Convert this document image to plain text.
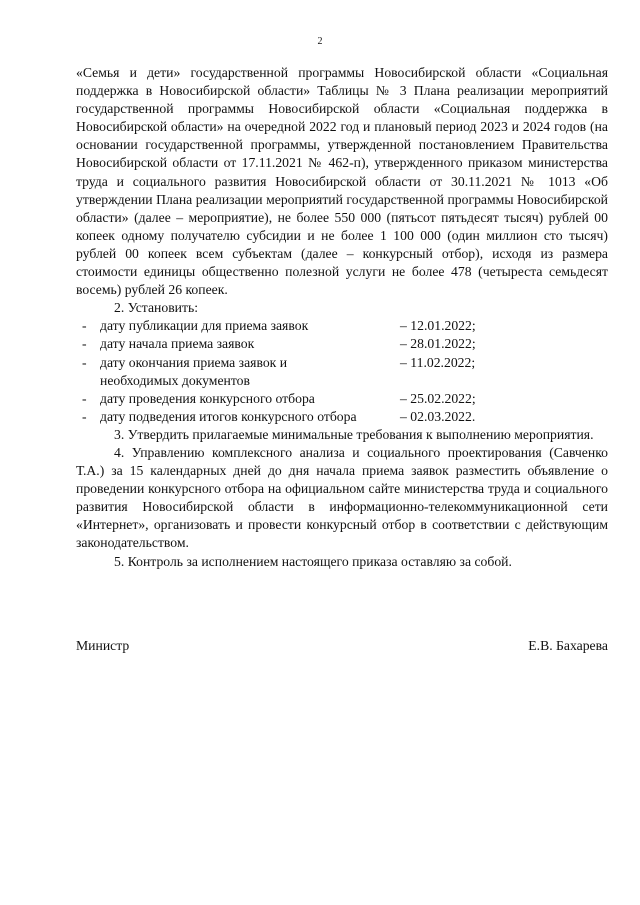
2

«Семья и дети» государственной программы Новосибирской области «Социальная поддержка в Новосибирской области» Таблицы № 3 Плана реализации мероприятий государственной программы Новосибирской области «Социальная поддержка в Новосибирской области» на очередной 2022 год и плановый период 2023 и 2024 годов (на основании государственной программы, утвержденной постановлением Правительства Новосибирской области от 17.11.2021 № 462-п), утвержденного приказом министерства труда и социального развития Новосибирской области от 30.11.2021 № 1013 «Об утверждении Плана реализации мероприятий государственной программы Новосибирской области» (далее – мероприятие), не более 550 000 (пятьсот пятьдесят тысяч) рублей 00 копеек одному получателю субсидии и не более 1 100 000 (один миллион сто тысяч) рублей 00 копеек всем субъектам (далее – конкурсный отбор), исходя из размера стоимости единицы общественно полезной услуги не более 478 (четыреста семьдесят восемь) рублей 26 копеек.

2. Установить:

- дату публикации для приема заявок	– 12.01.2022;
- дату начала приема заявок	– 28.01.2022;
- дату окончания приема заявок и необходимых документов
– 11.02.2022;
- дату проведения конкурсного отбора	– 25.02.2022;
- дату подведения итогов конкурсного отбора	– 02.03.2022.

3. Утвердить прилагаемые минимальные требования к выполнению мероприятия.

4. Управлению комплексного анализа и социального проектирования (Савченко Т.А.) за 15 календарных дней до дня начала приема заявок разместить объявление о проведении конкурсного отбора на официальном сайте министерства труда и социального развития Новосибирской области в информационно-телекоммуникационной сети «Интернет», организовать и провести конкурсный отбор в соответствии с действующим законодательством.

5. Контроль за исполнением настоящего приказа оставляю за собой.

Министр	Е.В. Бахарева
